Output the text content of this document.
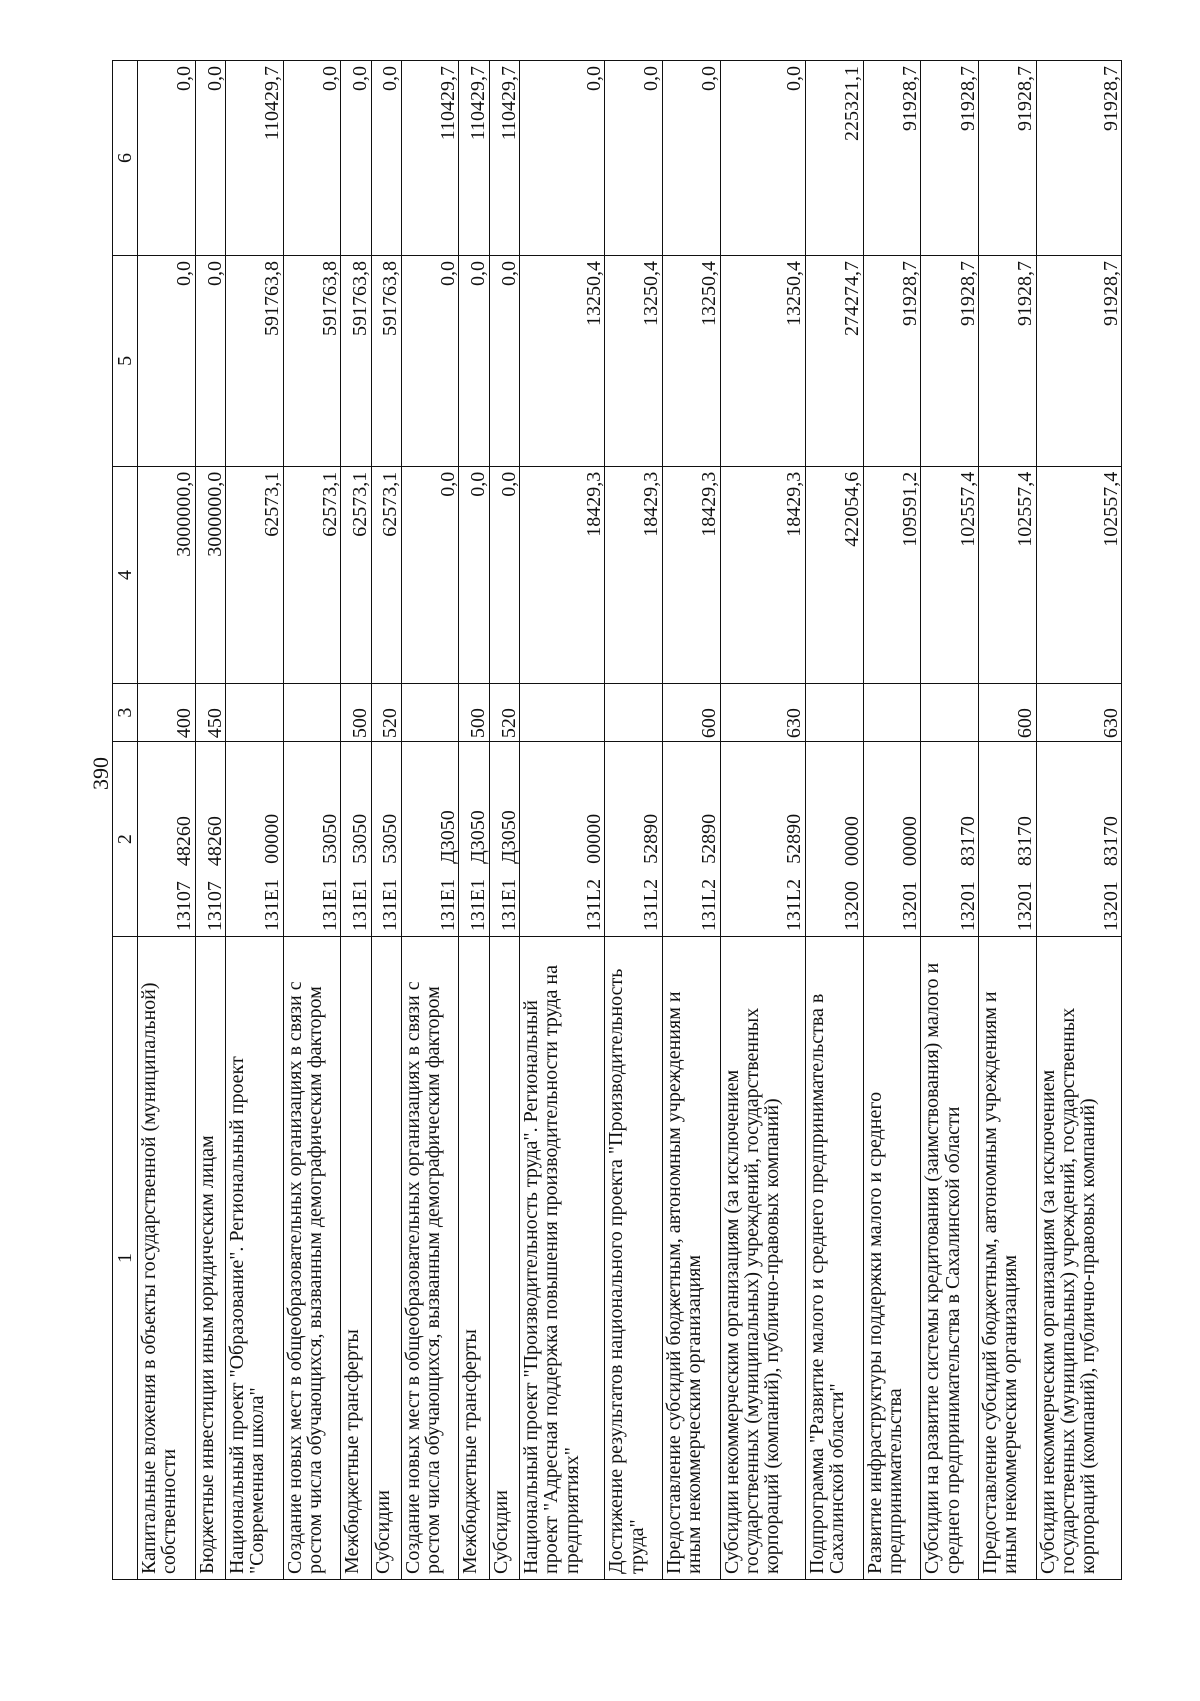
390
1	2	3	4	5	6
Капитальные вложения в объекты государственной (муниципальной) собственности	13107 48260	400	3000000,0	0,0	0,0
Бюджетные инвестиции иным юридическим лицам	13107 48260	450	3000000,0	0,0	0,0
Национальный проект "Образование". Региональный проект "Современная школа"	131E1 00000		62573,1	591763,8	110429,7
Создание новых мест в общеобразовательных организациях в связи с ростом числа обучающихся, вызванным демографическим фактором	131E1 53050		62573,1	591763,8	0,0
Межбюджетные трансферты	131E1 53050	500	62573,1	591763,8	0,0
Субсидии	131E1 53050	520	62573,1	591763,8	0,0
Создание новых мест в общеобразовательных организациях в связи с ростом числа обучающихся, вызванным демографическим фактором	131E1 Д3050		0,0	0,0	110429,7
Межбюджетные трансферты	131E1 Д3050	500	0,0	0,0	110429,7
Субсидии	131E1 Д3050	520	0,0	0,0	110429,7
Национальный проект "Производительность труда". Региональный проект "Адресная поддержка повышения производительности труда на предприятиях"	131L2 00000		18429,3	13250,4	0,0
Достижение результатов национального проекта "Производительность труда"	131L2 52890		18429,3	13250,4	0,0
Предоставление субсидий бюджетным, автономным учреждениям и иным некоммерческим организациям	131L2 52890	600	18429,3	13250,4	0,0
Субсидии некоммерческим организациям (за исключением государственных (муниципальных) учреждений, государственных корпораций (компаний), публично-правовых компаний)	131L2 52890	630	18429,3	13250,4	0,0
Подпрограмма "Развитие малого и среднего предпринимательства в Сахалинской области"	13200 00000		422054,6	274274,7	225321,1
Развитие инфраструктуры поддержки малого и среднего предпринимательства	13201 00000		109591,2	91928,7	91928,7
Субсидии на развитие системы кредитования (заимствования) малого и среднего предпринимательства в Сахалинской области	13201 83170		102557,4	91928,7	91928,7
Предоставление субсидий бюджетным, автономным учреждениям и иным некоммерческим организациям	13201 83170	600	102557,4	91928,7	91928,7
Субсидии некоммерческим организациям (за исключением государственных (муниципальных) учреждений, государственных корпораций (компаний), публично-правовых компаний)	13201 83170	630	102557,4	91928,7	91928,7
